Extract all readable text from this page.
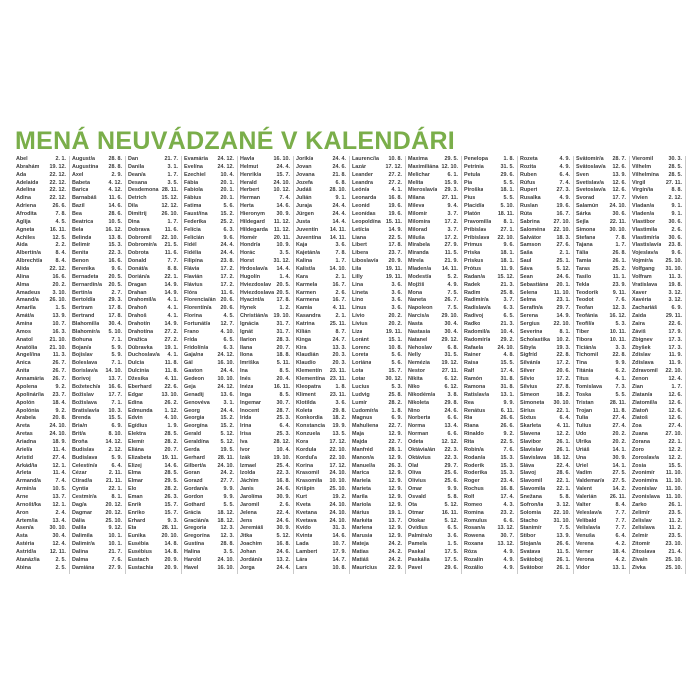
MENÁ NEUVÁDZANÉ V KALENDÁRI
Ábel	2. 1.
Abrahám 19. 12.
Ada	22. 12.
Adelaida 22. 12.
Adelina	22. 12.
Adina	22. 12.
Adriena	26. 6.
Afrodita	7. 8.
Aglija	4. 5.
Agneta	16. 11.
Achiles	12. 5.
Aida	2. 2.
Albertín/a	8. 4.
Albrecht/a 8. 4.
Alida	22. 12.
Alina	16. 6.
Alma	20. 2.
Amadeus 3. 10.
Amand/a 26. 10.
Amarila	1. 5.
Amát/a	13. 9.
Amína	10. 7.
Amos	16. 3.
Anatol	21. 10.
Anatólia 21. 10.
Angel/ina 11. 3.
Anica	26. 7.
Anita	26. 7.
Annamária 26. 7.
Apolena	9. 2.
Apolinár/ia 23. 7.
Apolón	18. 4.
Apolónia	9. 2.
Arabela	20. 8.
Areta	24. 10.
Aretas	24. 10.
Ariadna	18. 9.
Ariel/a	11. 4.
Aristid	27. 4.
Arkád/ia	12. 1.
Arleta	11. 4.
Armand/a	7. 4.
Armín/a	10. 5.
Arne	13. 7.
Arnošt/ka 12. 1.
Áron	2. 4.
Artem/ia	13. 4.
Asen/a	30. 10.
Asta	30. 4.
Astéria	12. 4.
Astrid/a	12. 11.
Atanáz/ia	2. 5.
Aténa	2. 5.
August/a 28. 8.
Augustína 28. 8.
Axel	2. 9.
Babeta	4. 12.
Barica	4. 12.
Barnabáš 11. 6.
Bazil	14. 6.
Bea	28. 6.
Beatrica	10. 5.
Bela	16. 12.
Belinda	13. 8.
Belimír	15. 3.
Benita	22. 3.
Benon	16. 6.
Berenika	9. 6.
Bernadeta 20. 5.
Bernardín/a 20. 5.
Bertín/a	2. 7.
Bertold/a 29. 3.
Bertram	17. 8.
Bertrand	17. 8.
Blahomil/a 30. 4.
Blahomír/a 5. 10.
Bohuna	7. 1.
Bojan/a	5. 9.
Bojislav	5. 9.
Boleslava	7. 1.
Borislav/a 14. 10.
Borivoj	13. 7.
Božetech/a 16. 6.
Božislav	17. 7.
Božislava	7. 1.
Bratislav/a 10. 3.
Brenda	15. 5.
Bria/n	6. 9.
Brit/a	8. 10.
Broňa	14. 12.
Budislav	2. 12.
Budislava	5. 9.
Celestín/a	6. 4.
Cézar	2. 11.
Ctirad/a	21. 11.
Cyntia	22. 1.
Čestmír/a	8. 1.
Dag/a	20. 12.
Dagmar 20. 12.
Dália	25. 10.
Dalila	9. 12.
Dalimila	10. 1.
Dalimír/a	10. 1.
Dalina	21. 7.
Dalma	7. 6.
Damiána	27. 9.
Dan	21. 7.
Danila	3. 1.
Dean/a	1. 7.
Desana	3. 5.
Desdemona 28. 11.
Detrich	15. 12.
Dila	12. 12.
Dimitrij	26. 10.
Dina	1. 7.
Dobrava	11. 6.
Dobromil 22. 10.
Dobromír/a 21. 5.
Dobrota	11. 6.
Donald	7. 7.
Donát/a	8. 8.
Dorián/a	22. 1.
Dragan	14. 9.
Drahan	14. 9.
Drahomil/a 4. 1.
Drahoň	4. 1.
Drahoš	4. 1.
Drahotín	14. 9.
Drahotína 27. 2.
Dražica	27. 2.
Dúbravka 19. 1.
Duchoslav/a 4. 1.
Dulcia	11. 8.
Dulcínia	11. 8.
Džesika	4. 11.
Eberhard 22. 6.
Edgar	13. 10.
Edina	26. 2.
Edmunda 1. 12.
Edvin	4. 10.
Egídius	1. 9.
Elektra	28. 5.
Elemír	28. 2.
Eliána	20. 7.
Elizabeta 19. 11.
Elizej	14. 6.
Elma	28. 5.
Elmar	29. 5.
Elo	28. 2.
Eman	26. 3.
Enrik	15. 7.
Enriko	15. 7.
Erhard	9. 3.
Eta	28. 11.
Eunika	20. 10.
Eusébia	14. 8.
Eusébius 14. 8.
Eustach	20. 9.
Eustachia 20. 9.
Evamária 24. 12.
Evelína	24. 12.
Ezechiel	10. 4.
Fábia	20. 1.
Fabiola	20. 1.
Fábius	20. 1.
Fatima	5. 6.
Faust/ína 15. 2.
Federika	25. 2.
Felícia	6. 3.
Felicián	9. 6.
Fidél	24. 4.
Fidélia	24. 4.
Filipína	23. 8.
Flávia	17. 2.
Flavián	17. 2.
Flávius	17. 2.
Flóra	11. 6.
Florencia/án 20. 6.
Florentín/a 20. 6.
Florina	4. 5.
Fortunát/a 12. 7.
Frano	4. 10.
Frída	6. 5.
Fridolín/a	6. 3.
Gaja/na	24. 12.
Gál	16. 10.
Gaston	24. 4.
Gedeon 10. 10.
Geja	24. 12.
Genadij	13. 6.
Genovéva	3. 1.
Georg	24. 4.
Georgia	15. 2.
Georgína 15. 2.
Gerald	5. 12.
Geraldína 5. 12.
Gerda	19. 5.
Gerhard 28. 11.
Gilbert/a 24. 10.
Goran	24. 2.
Gorazd	27. 7.
Gordan/a	9. 9.
Gordon	9. 9.
Gothard	5. 5.
Grácia	18. 12.
Gracián/a 18. 12.
Gregoria	12. 3.
Gregorína 12. 3.
Gustína	28. 8.
Halina	3. 5.
Harold	24. 10.
Havel	16. 10.
Havla	16. 10.
Helmut	24. 4.
Henrik/a	15. 7.
Herald	24. 10.
Herbert	10. 12.
Herman	7. 4.
Herta	14. 6.
Hieronym 30. 9.
Hildegard 11. 12.
Hildegarda 11. 12.
Homér	20. 11.
Hondr/a	10. 9.
Horác	3. 5.
Horst	31. 12.
Hrdoslav/a 14. 4.
Hugolín	1. 4.
Hviezdoslav 20. 5.
Hviezdoslava 20. 5.
Hyacint/a 17. 8.
Hynek	1. 2.
Christián/a 19. 10.
Ignácia	31. 7.
Ignát	31. 7.
Ilarion	28. 3.
Ilana	20. 7.
Ilona	18. 8.
Imriška	5. 11.
Ina	8. 5.
Inés	20. 4.
Inéza	16. 11.
Inga	8. 5.
Ingemar	30. 7.
Inocent	28. 7.
Irida	25. 3.
Irina	6. 4.
Irisa	25. 3.
Iva	28. 12.
Ivor	10. 4.
Izák	19. 10.
Izmael	25. 4.
Izolda	22. 3.
Jáchim	16. 8.
Janis	24. 6.
Jarolíma	30. 9.
Jaromil	2. 6.
Jelena	22. 4.
Jens	24. 6.
Jeremiáš 30. 9.
Jitka	5. 12.
Joachim	16. 8.
Johan	24. 6.
Jordán/a	13. 2.
Jorga	24. 4.
Jorik/a	24. 4.
Jovan	24. 6.
Jovana	21. 8.
Jozefa	6. 8.
Judáš	28. 10.
Julián	9. 1.
Juraja	24. 4.
Jürgen	24. 4.
Justa	14. 4.
Juventín 14. 11.
Juventína 14. 11.
Kaja	3. 6.
Kajetán/a	7. 8.
Kalina	1. 7.
Kalist/a	14. 10.
Kara	2. 1.
Karmela	16. 7.
Karmen	2. 6.
Karmena 16. 7.
Kamia	4. 11.
Kasandra	2. 1.
Katrina	25. 11.
Kilián	8. 7.
Kinga	24. 7.
Kira	13. 3.
Klaudián	20. 3.
Klaudio	20. 3.
Klementín 23. 11.
Klementína 23. 11.
Kleopatra	1. 8.
Kliment	23. 11.
Klotilda	3. 6.
Koleta	29. 8.
Konkordia 18. 2.
Konstancia 19. 9.
Konzuela 13. 5.
Kora	17. 12.
Kordula 22. 10.
Korduľa 22. 10.
Korina	17. 12.
Krasomil 24. 10.
Krasomila 10. 10.
Krišpín	25. 10.
Kurt	19. 2.
Kveta	24. 10.
Kvetana 24. 10.
Kvetava 24. 10.
Kvído	31. 3.
Kvinta	14. 6.
Lada	10. 7.
Lambert	17. 9.
Lára	14. 7.
Lars	10. 8.
Laurenc/ia 10. 8.
Lazár	17. 12.
Leander	27. 2.
Leandra	27. 2.
León/a	4. 1.
Leonarda 16. 8.
Leonid	19. 6.
Leonídas 19. 6.
Leopoldína 15. 11.
Letícia	14. 9.
Liana	22. 5.
Libert	17. 8.
Libera	23. 7.
Liboslav/a 20. 9.
Lila	19. 11.
Lilly	19. 11.
Lina	3. 6.
Lineta	3. 6.
Lino	3. 6.
Linus	3. 6.
Lívio	20. 2.
Lívius	20. 2.
Liza	19. 11.
Loránt	15. 1.
Lorenc	10. 8.
Loreta	5. 6.
Loriána	5. 6.
Lota	15. 7.
Lotar	30. 12.
Lucius	5. 3.
Ludvig	25. 8.
Lumír	28. 2.
Ľudomír/a 1. 8.
Magnus	6. 9.
Mahuliena 22. 7.
Maja	12. 9.
Majda	22. 7.
Manfréd	28. 1.
Manon/a	12. 9.
Manuel/a 26. 3.
Marica	12. 9.
Mariela	12. 9.
Marieta	12. 9.
Marila	12. 9.
Mariola	12. 9.
Márius	19. 1.
Markéta	13. 7.
Marlena	12. 9.
Marusia	12. 9.
Mateja	24. 2.
Matias	24. 2.
Matiáš	24. 2.
Maurícius 22. 9.
Maxima	29. 5.
Maximiliána 12. 10.
Melichar	6. 1.
Melita	15. 9.
Mieroslav/a 29. 3.
Milana	27. 11.
Mileva	9. 4.
Milomír	3. 7.
Milomíra	17. 2.
Milorad	3. 7.
Miluša	17. 2.
Mirabela	27. 9.
Miranda	11. 5.
Mirela	21. 9.
Mladen/a 14. 11.
Modest/a	5. 2.
Mojžiš	4. 9.
Mona	7. 5.
Naneta	26. 7.
Napoleon	7. 5.
Narcis/a 29. 10.
Nasta	30. 4.
Nastasia	30. 4.
Natanel	29. 12.
Nehoslav	6. 8.
Nelly	31. 5.
Nemézia 19. 12.
Nestor	27. 11.
Nikita	6. 12.
Niko	6. 12.
Nikodém/a 3. 8.
Nikoleta	29. 8.
Nino	24. 6.
Norberta	6. 6.
Norma	13. 4.
Norman	6. 6.
Odeta	12. 12.
Oktávia/án 22. 3.
Oktávius	22. 3.
Olaf	29. 7.
Olíva	25. 6.
Olívius	25. 6.
Omar	9. 9.
Osvald	5. 8.
Ota	5. 12.
Otmar	16. 11.
Otokar	5. 12.
Ovídius	6. 5.
Palmíra/o	3. 6.
Pamela	1. 5.
Paskal	17. 5.
Paskália	17. 5.
Pavel	29. 6.
Penelopa	1. 8.
Petrínia	31. 5.
Petula	29. 6.
Pia	5. 5.
Piroška	18. 1.
Pius	5. 5.
Placid/a	5. 10.
Platón	18. 11.
Pravomil/a 8. 1.
Pribislav	27. 1.
Pribislava 22. 10.
Primus	9. 6.
Priska	18. 1.
Priskus	18. 1.
Prótus	11. 9.
Radan/a 15. 12.
Radek	21. 3.
Radim	25. 8.
Radimír/a	3. 7.
Radislav/a 6. 3.
Radivoj	6. 5.
Radko	21. 3.
Radomil/a 10. 4.
Radomír/a 29. 2.
Rafaela	24. 10.
Rainer	4. 8.
Raisa	15. 5.
Ralf	17. 4.
Ramón	31. 8.
Ramona	31. 8.
Ratislav/a 13. 1.
Rea	9. 9.
Renátus	6. 11.
Ria	26. 6.
Riana	26. 6.
Rinaldo	9. 2.
Rita	22. 5.
Robin/a	7. 6.
Rodan/a	15. 3.
Roderik	15. 3.
Roderika 15. 3.
Roger	23. 4.
Rochus	16. 8.
Rolf	17. 4.
Romeo	4. 3.
Romina	23. 2.
Romulus	6. 6.
Rosan/a 13. 12.
Rowena	30. 7.
Roxana	13. 12.
Róza	4. 9.
Rozalín	4. 9.
Rozálio	4. 9.
Rozeta	4. 9.
Rozita	4. 9.
Ruben	6. 4.
Rúfus	7. 4.
Rupert	27. 3.
Rusalka	4. 9.
Ruslan	19. 6.
Rúta	16. 7.
Sabrina	27. 10.
Saloména 22. 10.
Salvátor	18. 3.
Samson	27. 6.
Saša	2. 1.
Saul	25. 1.
Sáva	5. 12.
Sean	24. 6.
Sebastiána 20. 1.
Selena	11. 10.
Selma	23. 1.
Serafín/a	29. 7.
Serena	14. 9.
Sergius	22. 10.
Severína	8. 1.
Scholastika 10. 2.
Sibyla	19. 3.
Sigfríd	22. 8.
Silván/a	17. 2.
Silver	20. 6.
Silvio	17. 2.
Silvius	27. 8.
Simeon	18. 2.
Simoneta 30. 10.
Sírius	22. 1.
Sixtus	6. 4.
Skarleta	4. 11.
Slavena	12. 2.
Slavibor	26. 1.
Slavislav 26. 1.
Slavislava 18. 12.
Sláva	22. 4.
Slavoj	28. 6.
Slavomil	22. 1.
Slavomila 22. 1.
Snežana	5. 8.
Sofron/ia 3. 12.
Solomia 22. 10.
Stacho	31. 10.
Stanimír	7. 5.
Stibor	13. 9.
Stojan/a	26. 6.
Svatava	11. 5.
Svätoboj	26. 1.
Svätobor 26. 1.
Svätomír/a 28. 7.
Svätoslav/a 12. 6.
Sven	13. 9.
Svetislav/a 12. 6.
Svetoslav/a 12. 6.
Svorad	17. 7.
Šalamún 24. 10.
Šárka	30. 6.
Šejla	22. 11.
Šimona	30. 10.
Štefana	7. 8.
Tajana	1. 7.
Tália	26. 8.
Tamia	26. 1.
Taras	25. 2.
Tasilo	11. 1.
Tekla	23. 9.
Teodorik	9. 11.
Teodot	7. 6.
Teofan	12. 3.
Teofánia 16. 12.
Teofil/a	5. 3.
Tiber	10. 11.
Tibora	10. 11.
Ticián/a	3. 3.
Tichomil	22. 8.
Tina	9. 9.
Titánia	6. 2.
Titus	4. 1.
Tomislava	7. 3.
Toska	5. 5.
Tristan	28. 11.
Trojan	11. 8.
Tulia	27. 4.
Tulius	27. 4.
Udo	20. 2.
Ulrika	20. 2.
Uriáš	14. 1.
Una	30. 9.
Uriel	14. 1.
Vadim	27. 5.
Valdemar/a 27. 5.
Valent	14. 2.
Valerián 26. 11.
Valter	8. 4.
Veleslav/a	7. 7.
Velibald	7. 7.
Velislav/a	7. 7.
Venuša	6. 4.
Verena	4. 2.
Verner	18. 4.
Verona	4. 2.
Vidor	13. 1.
Vieromil	30. 3.
Vilhelm	28. 5.
Vilhelmína 28. 5.
Virgil	27. 11.
Virgín/ia	8. 8.
Vivien	2. 12.
Vladan/a	9. 1.
Vladen/a	9. 1.
Vlastibor 30. 6.
Vlastimila	2. 6.
Vlastimír/a 30. 6.
Vlastislav/a 23. 8.
Vojeslav/a	9. 6.
Vojmír/a 25. 10.
Volfgang 31. 10.
Volfram	11. 3.
Vratislava 19. 8.
Xaver	3. 12.
Xavéria	3. 12.
Zachariáš	6. 9.
Zaida	29. 11.
Zaira	22. 6.
Záviš	17. 9.
Zbignev	17. 3.
Zbyšek	17. 3.
Zdislav	11. 9.
Zdislava	11. 9.
Zdravomil 22. 10.
Zenon	12. 4.
Zian	1. 7.
Zlatan/a	12. 6.
Zlatomil/a 12. 6.
Zlatoň	12. 6.
Zlatoš	12. 6.
Zoa	27. 4.
Zuana	27. 10.
Zorana	22. 1.
Zoro	12. 2.
Zoroslav/a 12. 2.
Zosia	15. 5.
Zvonimír 11. 10.
Zvonimíra 11. 10.
Zvonislav 11. 10.
Zvonislava 11. 10.
Žarko	26. 1.
Želimír	23. 5.
Želislav	11. 2.
Želislava	11. 2.
Želmír	23. 5.
Žitomír	23. 10.
Žitoslava 21. 4.
Živa/n	25. 10.
Živka	25. 10.
